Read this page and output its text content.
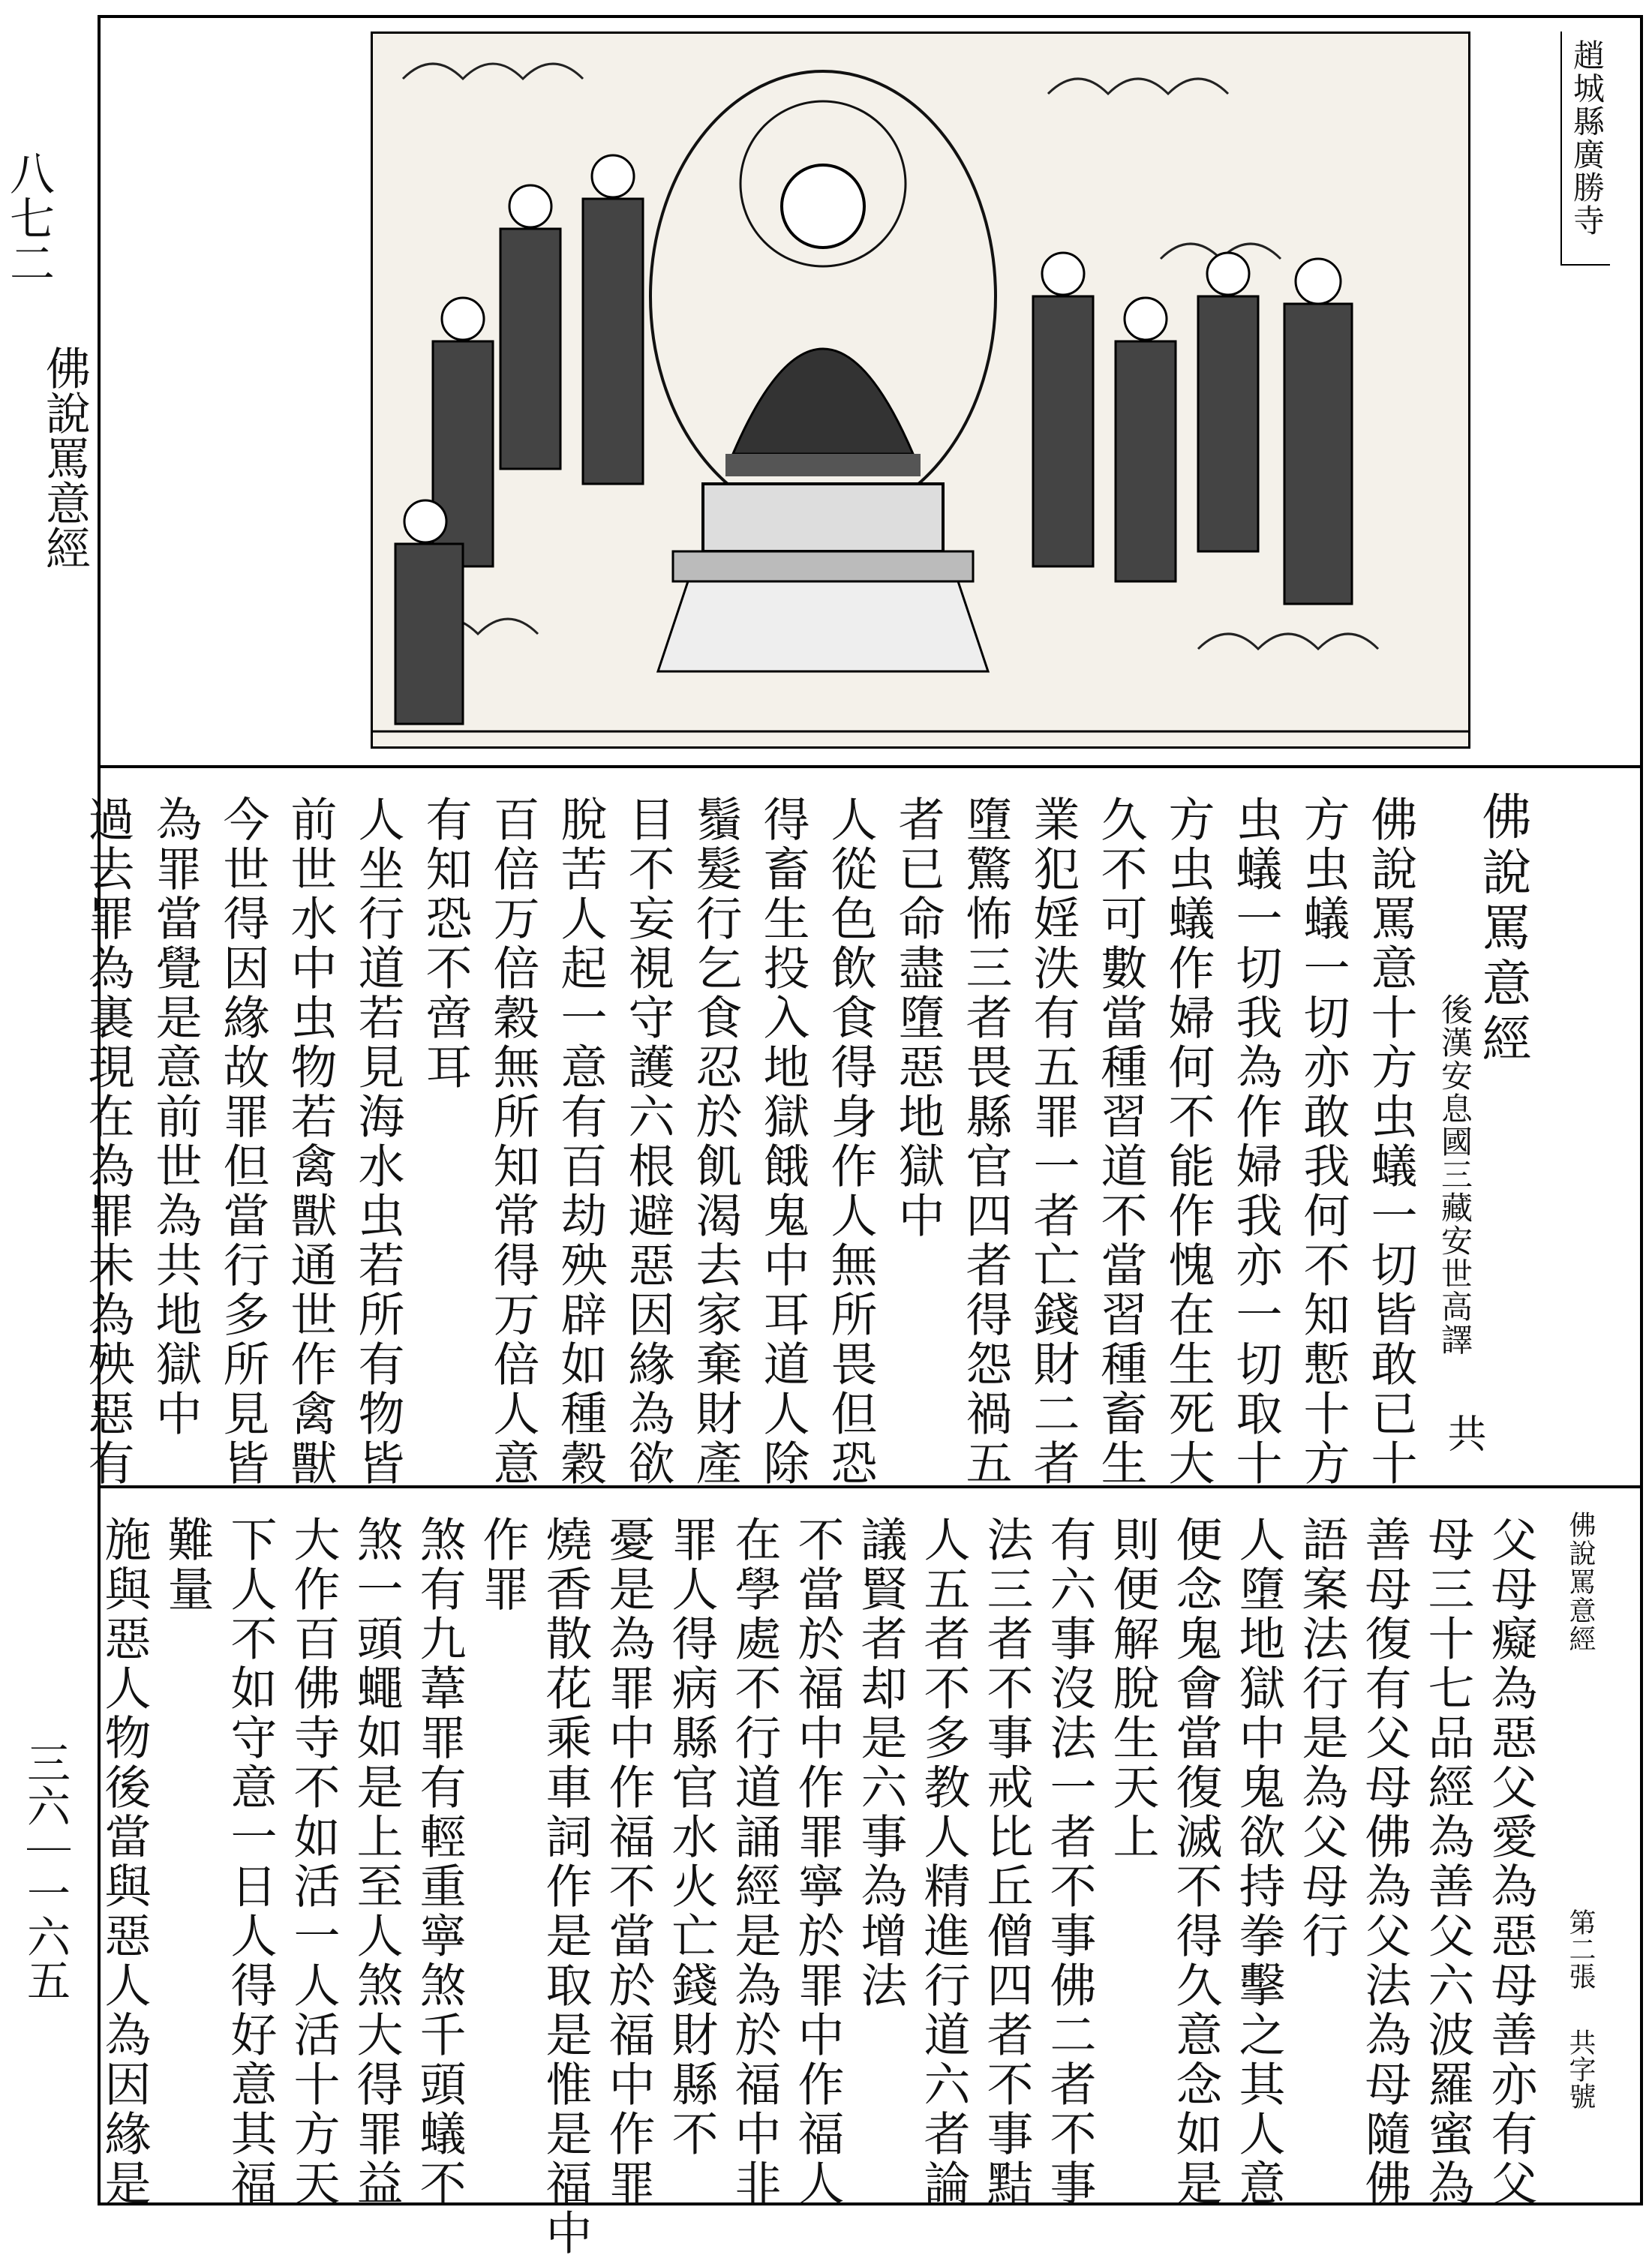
八七二
佛說罵意經
三六｜一六五
趙城縣廣勝寺
佛說罵意經
後漢安息國三藏安世高譯
共
佛說罵意十方虫蟻一切皆敢已十
方虫蟻一切亦敢我何不知慙十方
虫蟻一切我為作婦我亦一切取十
方虫蟻作婦何不能作愧在生死大
久不可數當種習道不當習種畜生
業犯婬泆有五罪一者亡錢財二者
墮驚怖三者畏縣官四者得怨禍五
者已命盡墮惡地獄中
人從色飲食得身作人無所畏但恐
得畜生投入地獄餓鬼中耳道人除
鬚髮行乞食忍於飢渴去家棄財產
目不妄視守護六根避惡因緣為欲
脫苦人起一意有百劫殃辟如種穀
百倍万倍穀無所知常得万倍人意
有知恐不啻耳
人坐行道若見海水虫若所有物皆
前世水中虫物若禽獸通世作禽獸
今世得因緣故罪但當行多所見皆
為罪當覺是意前世為共地獄中
過去罪為裏現在為罪未為殃惡有
佛說罵意經
第二張
共字號
父母癡為惡父愛為惡母善亦有父
母三十七品經為善父六波羅蜜為
善母復有父母佛為父法為母隨佛
語案法行是為父母行
人墮地獄中鬼欲持拳擊之其人意
便念鬼會當復滅不得久意念如是
則便解脫生天上
有六事沒法一者不事佛二者不事
法三者不事戒比丘僧四者不事黠
人五者不多教人精進行道六者論
議賢者却是六事為增法
不當於福中作罪寧於罪中作福人
在學處不行道誦經是為於福中非
罪人得病縣官水火亡錢財縣不
憂是為罪中作福不當於福中作罪
燒香散花乘車詞作是取是惟是福中
作罪
煞有九葦罪有輕重寧煞千頭蟻不
煞一頭蠅如是上至人煞大得罪益
大作百佛寺不如活一人活十方天
下人不如守意一日人得好意其福
難量
施與惡人物後當與惡人為因緣是
